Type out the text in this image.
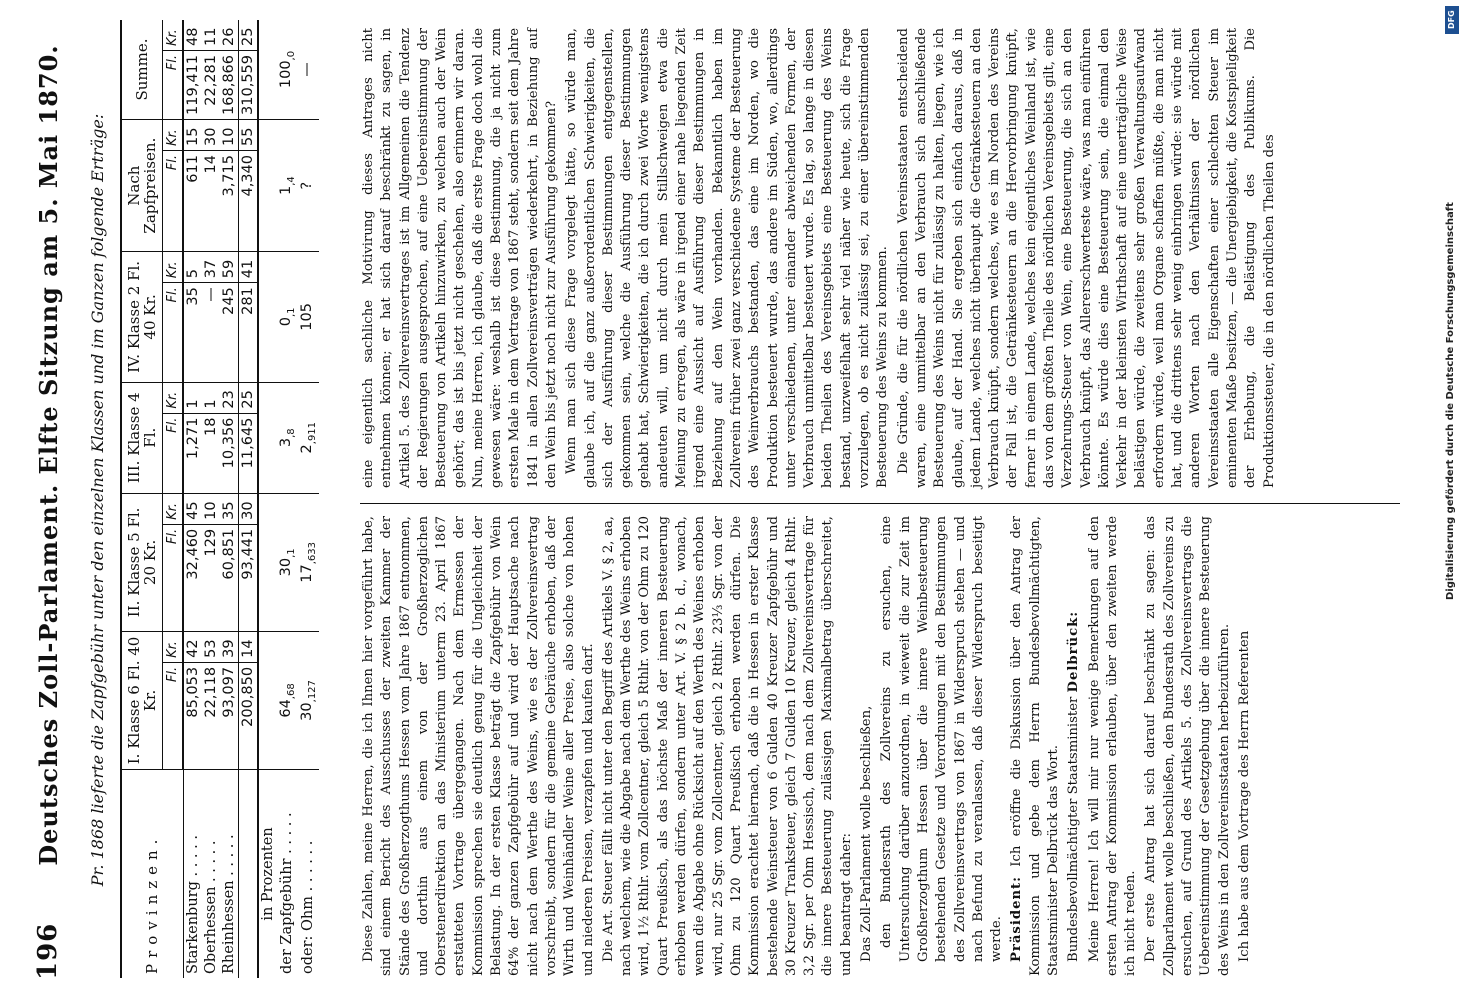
196
Deutsches Zoll-Parlament. Elfte Sitzung am 5. Mai 1870. Pr. 1868 lieferte die Zapfgebühr unter den einzelnen Klassen und im Ganzen folgende Erträge:
Provinzen.	I. Klasse 6 Fl. 40 Kr.		II. Klasse 5 Fl. 20 Kr.		III. Klasse 4 Fl.		IV. Klasse 2 Fl. 40 Kr.		Nach Zapfpreisen.		Summe.	
	Fl.	Kr.	Fl.	Kr.	Fl.	Kr.	Fl.	Kr.	Fl.	Kr.	Fl.	Kr.
Starkenburg . . . . .	85,053	42	32,460	45	1,271	1	35	5	611	15	119,411	48
Oberhessen . . . . .	22,118	53	129	10	18	1	—	37	14	30	22,281	11
Rheinhessen . . . . .	93,097	39	60,851	35	10,356	23	245	59	3,715	10	168,866	26
	200,850	14	93,441	30	11,645	25	281	41	4,340	55	310,559	25
in Prozenten												
der Zapfgebühr . . . . .	$64_{,68}$		$30_{,1}$		$3_{,8}$		$0_{,1}$		$1_{,4}$		$100_{,0}$
oder: Ohm . . . . . .	$30_{,127}$		$17_{,633}$		$2_{,911}$		105		?		—	

Diese Zahlen, meine Herren, die ich Ihnen hier vorgeführt habe, sind einem Bericht des Ausschusses der zweiten Kammer der Stände des Großherzogthums Hessen vom Jahre 1867 entnommen, und dorthin aus einem von der Großherzoglichen Oberstenerdirektion an das Ministerium unterm 23. April 1867 erstatteten Vortrage übergegangen. Nach dem Ermessen der Kommission sprechen sie deutlich genug für die Ungleichheit der Belastung. In der ersten Klasse beträgt die Zapfgebühr von Wein 64% der ganzen Zapfgebühr auf und wird der Hauptsache nach nicht nach dem Werthe des Weins, wie es der Zollvereinsvertrag vorschreibt, sondern für die gemeine Gebräuche erhoben, daß der Wirth und Weinhändler Weine aller Preise, also solche von hohen und niederen Preisen, verzapfen und kaufen darf. Die Art. Steuer fällt nicht unter den Begriff des Artikels V. § 2, aa, nach welchem, wie die Abgabe nach dem Werthe des Weins erhoben wird, 1½ Rthlr. vom Zollcentner, gleich 5 Rthlr. von der Ohm zu 120 Quart Preußisch, als das höchste Maß der inneren Besteuerung erhoben werden dürfen, sondern unter Art. V. § 2 b. d., wonach, wenn die Abgabe ohne Rücksicht auf den Werth des Weines erhoben wird, nur 25 Sgr. vom Zollcentner, gleich 2 Rthlr. 23⅓ Sgr. von der Ohm zu 120 Quart Preußisch erhoben werden dürfen. Die Kommission erachtet hiernach, daß die in Hessen in erster Klasse bestehende Weinsteuer von 6 Gulden 40 Kreuzer Zapfgebühr und 30 Kreuzer Tranksteuer, gleich 7 Gulden 10 Kreuzer, gleich 4 Rthlr. 3,2 Sgr. per Ohm Hessisch, dem nach dem Zollvereinsvertrage für die innere Besteuerung zulässigen Maximalbetrag überschreitet, und beantragt daher: Das Zoll-Parlament wolle beschließen, den Bundesrath des Zollvereins zu ersuchen, eine Untersuchung darüber anzuordnen, in wieweit die zur Zeit im Großherzogthum Hessen über die innere Weinbesteuerung bestehenden Gesetze und Verordnungen mit den Bestimmungen des Zollvereinsvertrags von 1867 in Widerspruch stehen — und nach Befund zu veranlassen, daß dieser Widerspruch beseitigt werde. Präsident: Ich eröffne die Diskussion über den Antrag der Kommission und gebe dem Herrn Bundesbevollmächtigten, Staatsminister Delbrück das Wort. Bundesbevollmächtigter Staatsminister Delbrück: Meine Herren! Ich will mir nur wenige Bemerkungen auf den ersten Antrag der Kommission erlauben, über den zweiten werde ich nicht reden. Der erste Antrag hat sich darauf beschränkt zu sagen: das Zollparlament wolle beschließen, den Bundesrath des Zollvereins zu ersuchen, auf Grund des Artikels 5. des Zollvereinsvertrags die Uebereinstimmung der Gesetzgebung über die innere Besteuerung des Weins in den Zollvereinsstaaten herbeizuführen. Ich habe aus dem Vortrage des Herrn Referenten

eine eigentlich sachliche Motivirung dieses Antrages nicht entnehmen können; er hat sich darauf beschränkt zu sagen, in Artikel 5. des Zollvereinsvertrages ist im Allgemeinen die Tendenz der Regierungen ausgesprochen, auf eine Uebereinstimmung der Besteuerung von Artikeln hinzuwirken, zu welchen auch der Wein gehört; das ist bis jetzt nicht geschehen, also erinnern wir daran. Nun, meine Herren, ich glaube, daß die erste Frage doch wohl die gewesen wäre: weshalb ist diese Bestimmung, die ja nicht zum ersten Male in dem Vertrage von 1867 steht, sondern seit dem Jahre 1841 in allen Zollvereinsverträgen wiederkehrt, in Beziehung auf den Wein bis jetzt noch nicht zur Ausführung gekommen? Wenn man sich diese Frage vorgelegt hätte, so würde man, glaube ich, auf die ganz außerordentlichen Schwierigkeiten, die sich der Ausführung dieser Bestimmungen entgegenstellen, gekommen sein, welche die Ausführung dieser Bestimmungen gehabt hat, Schwierigkeiten, die ich durch zwei Worte wenigstens andeuten will, um nicht durch mein Stillschweigen etwa die Meinung zu erregen, als wäre in irgend einer nahe liegenden Zeit irgend eine Aussicht auf Ausführung dieser Bestimmungen in Beziehung auf den Wein vorhanden. Bekanntlich haben im Zollverein früher zwei ganz verschiedene Systeme der Besteuerung des Weinverbrauchs bestanden, das eine im Norden, wo die Produktion besteuert wurde, das andere im Süden, wo, allerdings unter verschiedenen, unter einander abweichenden Formen, der Verbrauch unmittelbar besteuert wurde. Es lag, so lange in diesen beiden Theilen des Vereinsgebiets eine Besteuerung des Weins bestand, unzweifelhaft sehr viel näher wie heute, sich die Frage vorzulegen, ob es nicht zulässig sei, zu einer übereinstimmenden Besteuerung des Weins zu kommen. Die Gründe, die für die nördlichen Vereinsstaaten entscheidend waren, eine unmittelbar an den Verbrauch sich anschließende Besteuerung des Weins nicht für zulässig zu halten, liegen, wie ich glaube, auf der Hand. Sie ergeben sich einfach daraus, daß in jedem Lande, welches nicht überhaupt die Getränkesteuern an den Verbrauch knüpft, sondern welches, wie es im Norden des Vereins der Fall ist, die Getränkesteuern an die Hervorbringung knüpft, ferner in einem Lande, welches kein eigentliches Weinland ist, wie das von dem größten Theile des nördlichen Vereinsgebiets gilt, eine Verzehrungs-Steuer von Wein, eine Besteuerung, die sich an den Verbrauch knüpft, das Allererschwerteste wäre, was man einführen könnte. Es würde dies eine Besteuerung sein, die einmal den Verkehr in der kleinsten Wirthschaft auf eine unerträgliche Weise belästigen würde, die zweitens sehr großen Verwaltungsaufwand erfordern würde, weil man Organe schaffen müßte, die man nicht hat, und die drittens sehr wenig einbringen würde: sie würde mit anderen Worten nach den Verhältnissen der nördlichen Vereinsstaaten alle Eigenschaften einer schlechten Steuer im eminenten Maße besitzen, — die Unergiebigkeit, die Kostspieligkeit der Erhebung, die Belästigung des Publikums. Die Produktionssteuer, die in den nördlichen Theilen des

DFG
Digitalisierung gefördert durch die Deutsche Forschungsgemeinschaft
